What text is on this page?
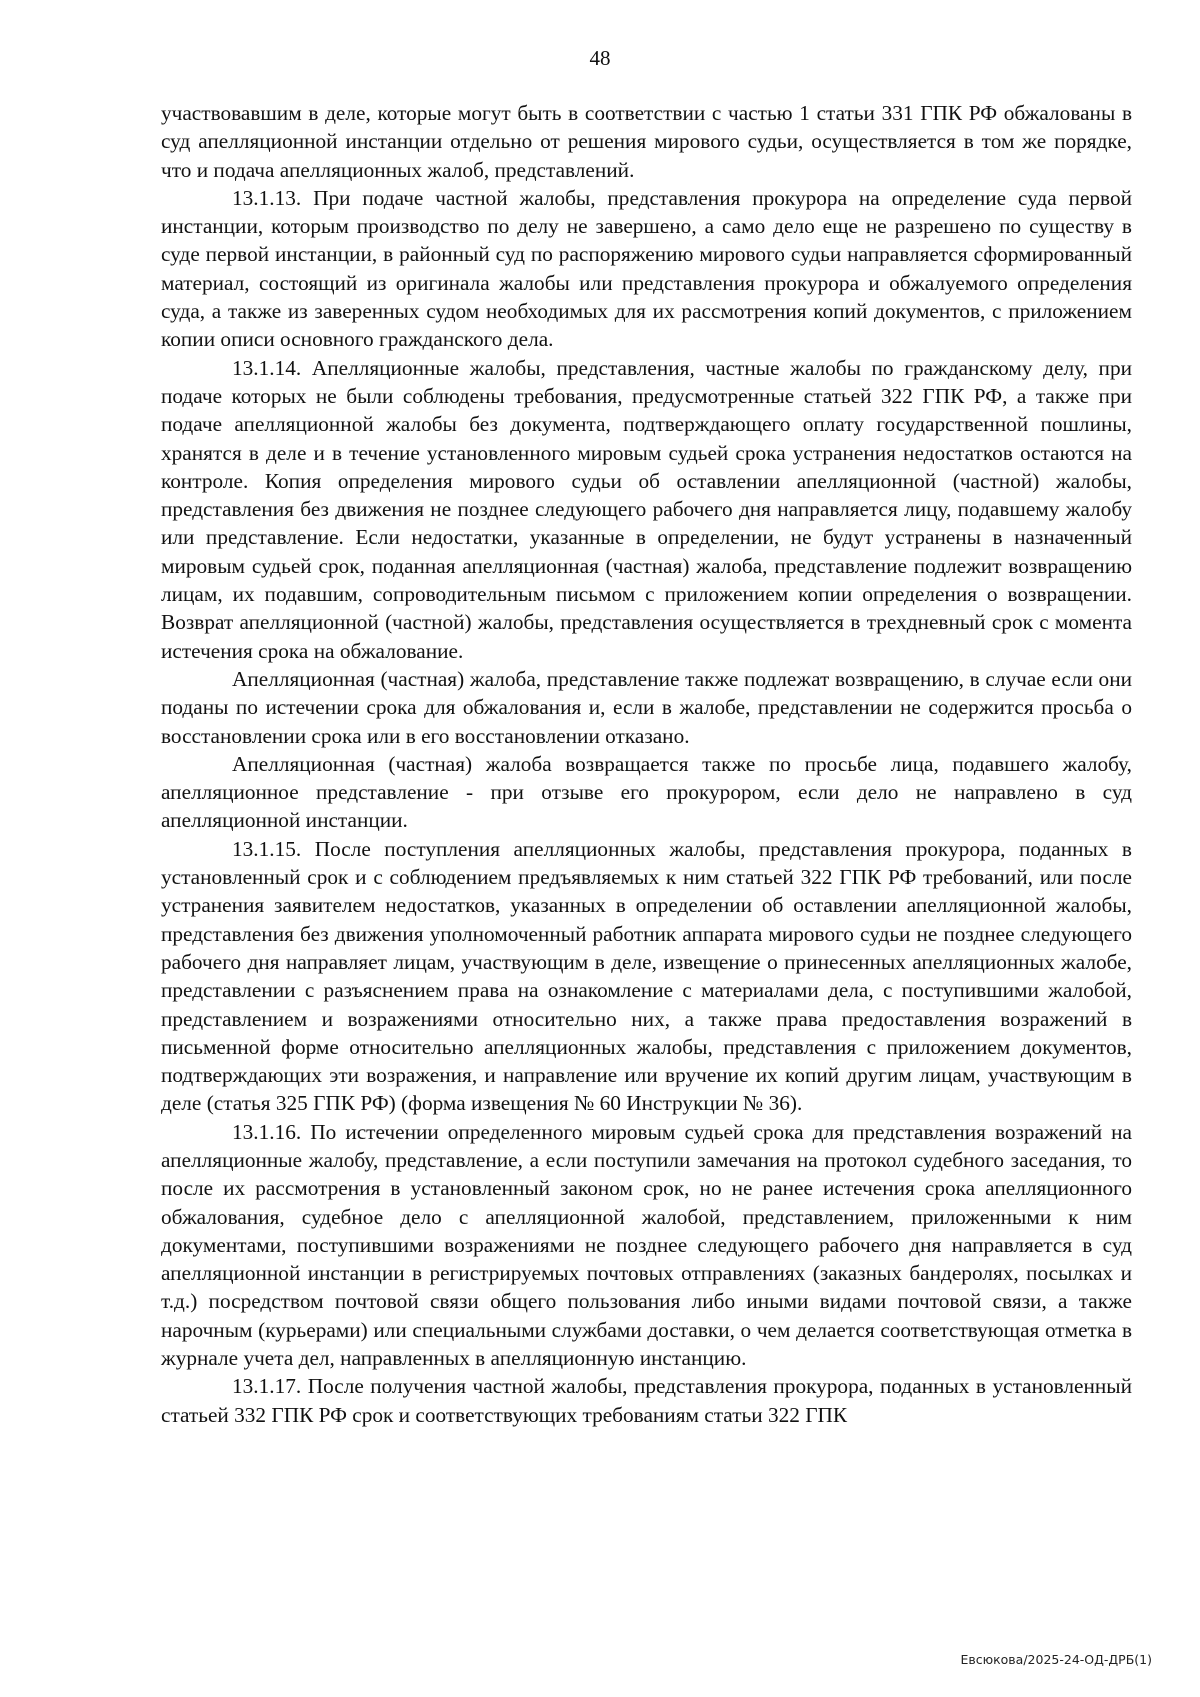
48

участвовавшим в деле, которые могут быть в соответствии с частью 1 статьи 331 ГПК РФ обжалованы в суд апелляционной инстанции отдельно от решения мирового судьи, осуществляется в том же порядке, что и подача апелляционных жалоб, представлений.

13.1.13. При подаче частной жалобы, представления прокурора на определение суда первой инстанции, которым производство по делу не завершено, а само дело еще не разрешено по существу в суде первой инстанции, в районный суд по распоряжению мирового судьи направляется сформированный материал, состоящий из оригинала жалобы или представления прокурора и обжалуемого определения суда, а также из заверенных судом необходимых для их рассмотрения копий документов, с приложением копии описи основного гражданского дела.

13.1.14. Апелляционные жалобы, представления, частные жалобы по гражданскому делу, при подаче которых не были соблюдены требования, предусмотренные статьей 322 ГПК РФ, а также при подаче апелляционной жалобы без документа, подтверждающего оплату государственной пошлины, хранятся в деле и в течение установленного мировым судьей срока устранения недостатков остаются на контроле. Копия определения мирового судьи об оставлении апелляционной (частной) жалобы, представления без движения не позднее следующего рабочего дня направляется лицу, подавшему жалобу или представление. Если недостатки, указанные в определении, не будут устранены в назначенный мировым судьей срок, поданная апелляционная (частная) жалоба, представление подлежит возвращению лицам, их подавшим, сопроводительным письмом с приложением копии определения о возвращении. Возврат апелляционной (частной) жалобы, представления осуществляется в трехдневный срок с момента истечения срока на обжалование.

Апелляционная (частная) жалоба, представление также подлежат возвращению, в случае если они поданы по истечении срока для обжалования и, если в жалобе, представлении не содержится просьба о восстановлении срока или в его восстановлении отказано.

Апелляционная (частная) жалоба возвращается также по просьбе лица, подавшего жалобу, апелляционное представление - при отзыве его прокурором, если дело не направлено в суд апелляционной инстанции.

13.1.15. После поступления апелляционных жалобы, представления прокурора, поданных в установленный срок и с соблюдением предъявляемых к ним статьей 322 ГПК РФ требований, или после устранения заявителем недостатков, указанных в определении об оставлении апелляционной жалобы, представления без движения уполномоченный работник аппарата мирового судьи не позднее следующего рабочего дня направляет лицам, участвующим в деле, извещение о принесенных апелляционных жалобе, представлении с разъяснением права на ознакомление с материалами дела, с поступившими жалобой, представлением и возражениями относительно них, а также права предоставления возражений в письменной форме относительно апелляционных жалобы, представления с приложением документов, подтверждающих эти возражения, и направление или вручение их копий другим лицам, участвующим в деле (статья 325 ГПК РФ) (форма извещения № 60 Инструкции № 36).

13.1.16. По истечении определенного мировым судьей срока для представления возражений на апелляционные жалобу, представление, а если поступили замечания на протокол судебного заседания, то после их рассмотрения в установленный законом срок, но не ранее истечения срока апелляционного обжалования, судебное дело с апелляционной жалобой, представлением, приложенными к ним документами, поступившими возражениями не позднее следующего рабочего дня направляется в суд апелляционной инстанции в регистрируемых почтовых отправлениях (заказных бандеролях, посылках и т.д.) посредством почтовой связи общего пользования либо иными видами почтовой связи, а также нарочным (курьерами) или специальными службами доставки, о чем делается соответствующая отметка в журнале учета дел, направленных в апелляционную инстанцию.

13.1.17. После получения частной жалобы, представления прокурора, поданных в установленный статьей 332 ГПК РФ срок и соответствующих требованиям статьи 322 ГПК

Евсюкова/2025-24-ОД-ДРБ(1)
